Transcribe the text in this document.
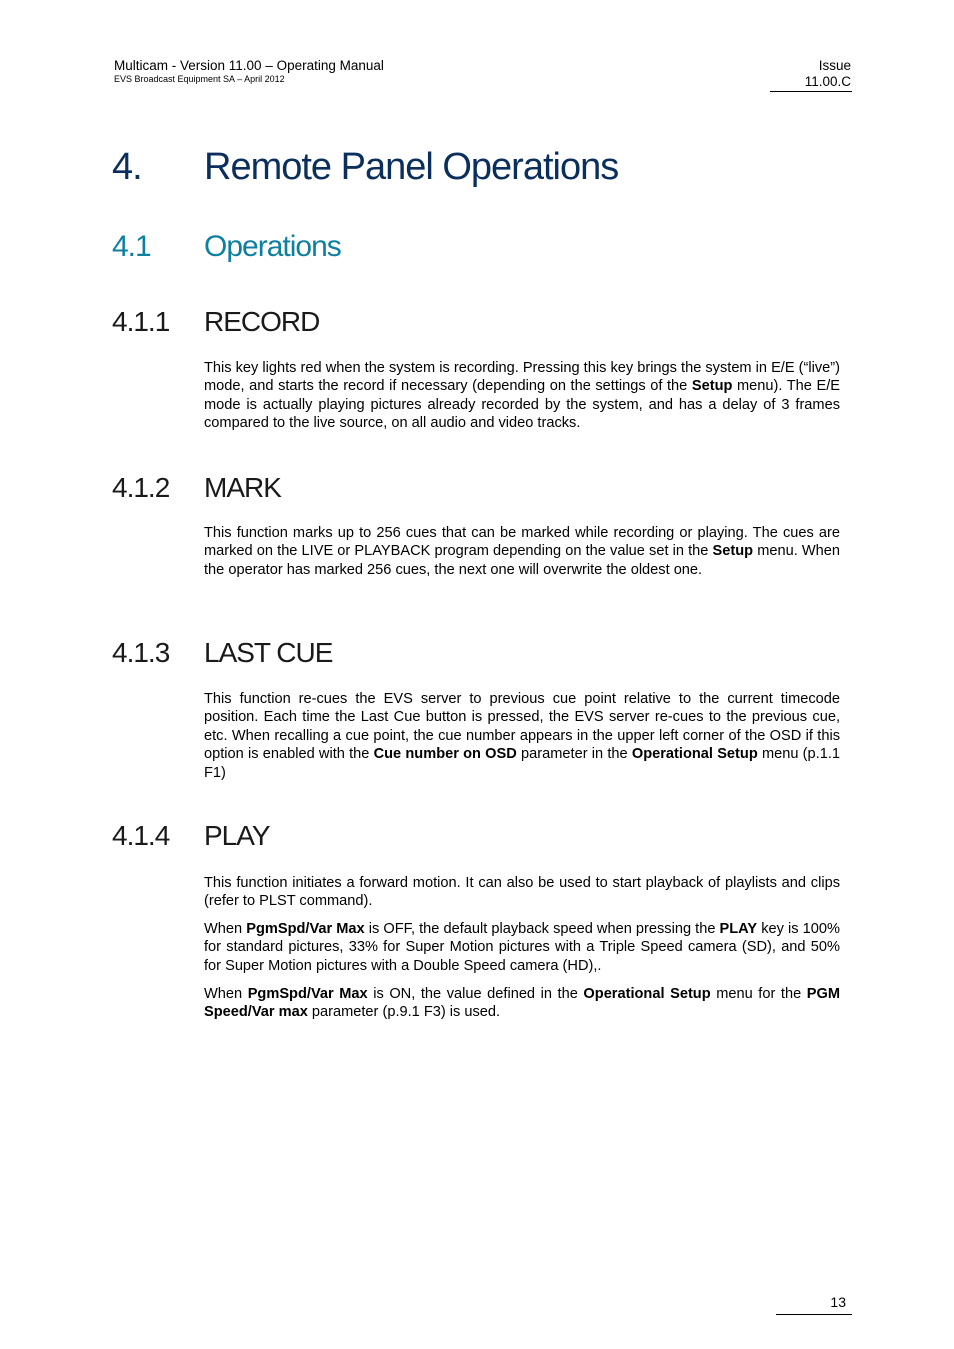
Multicam - Version 11.00 – Operating Manual
EVS Broadcast Equipment SA – April 2012
Issue
11.00.C
4. Remote Panel Operations
4.1 Operations
4.1.1 RECORD

This key lights red when the system is recording. Pressing this key brings the system in E/E (“live”) mode, and starts the record if necessary (depending on the settings of the Setup menu). The E/E mode is actually playing pictures already recorded by the system, and has a delay of 3 frames compared to the live source, on all audio and video tracks.

4.1.2 MARK

This function marks up to 256 cues that can be marked while recording or playing. The cues are marked on the LIVE or PLAYBACK program depending on the value set in the Setup menu. When the operator has marked 256 cues, the next one will overwrite the oldest one.

4.1.3 LAST CUE

This function re-cues the EVS server to previous cue point relative to the current timecode position. Each time the Last Cue button is pressed, the EVS server re-cues to the previous cue, etc. When recalling a cue point, the cue number appears in the upper left corner of the OSD if this option is enabled with the Cue number on OSD parameter in the Operational Setup menu (p.1.1 F1)

4.1.4 PLAY

This function initiates a forward motion. It can also be used to start playback of playlists and clips (refer to PLST command).

When PgmSpd/Var Max is OFF, the default playback speed when pressing the PLAY key is 100% for standard pictures, 33% for Super Motion pictures with a Triple Speed camera (SD), and 50% for Super Motion pictures with a Double Speed camera (HD),.

When PgmSpd/Var Max is ON, the value defined in the Operational Setup menu for the PGM Speed/Var max parameter (p.9.1 F3) is used.

13
